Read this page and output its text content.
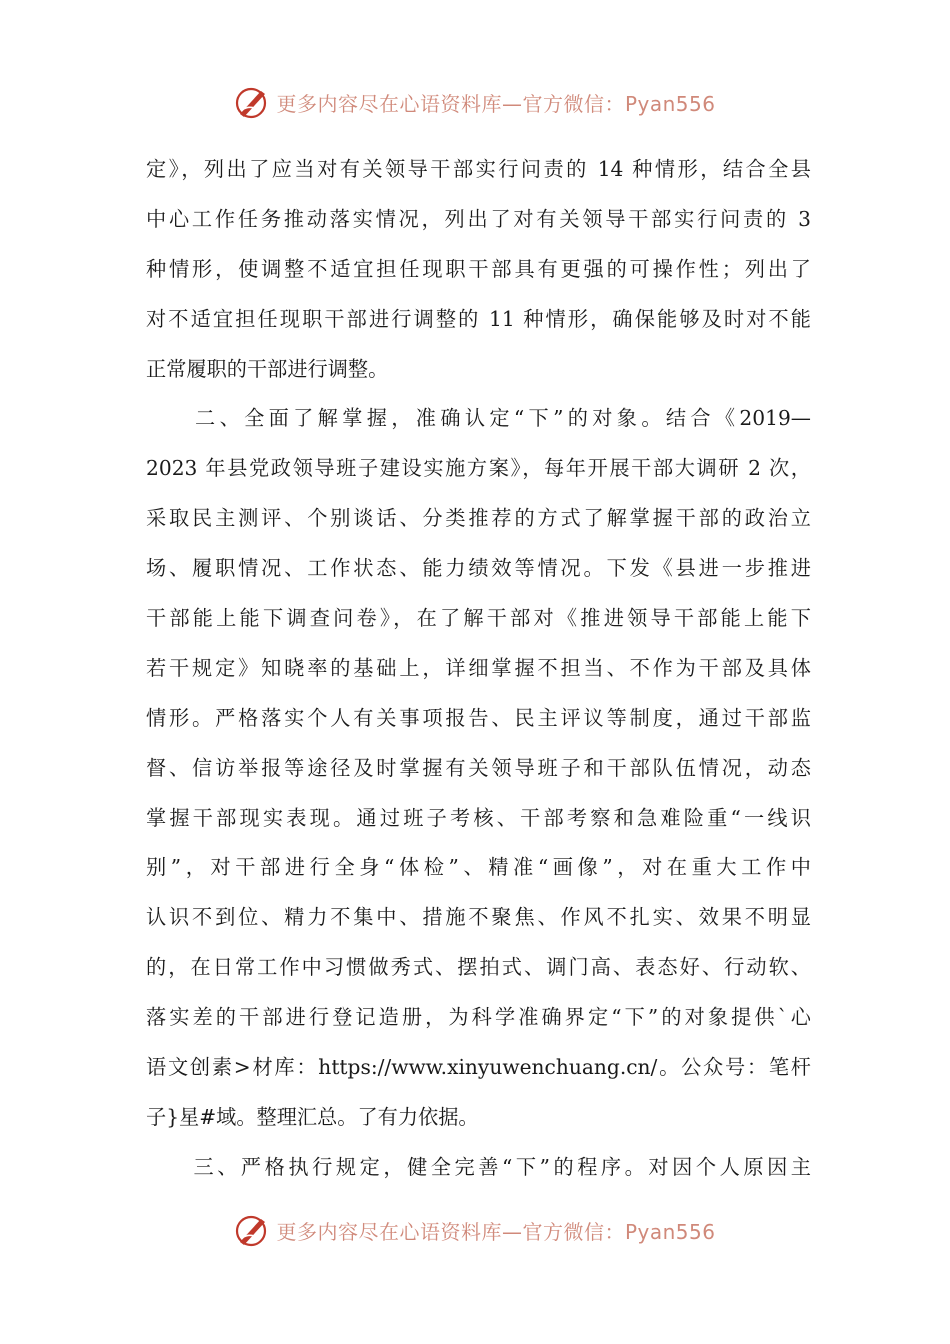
更多内容尽在心语资料库—官方微信：Pyan556
定》，列出了应当对有关领导干部实行问责的 14 种情形，结合全县
中心工作任务推动落实情况，列出了对有关领导干部实行问责的 3
种情形，使调整不适宜担任现职干部具有更强的可操作性；列出了
对不适宜担任现职干部进行调整的 11 种情形，确保能够及时对不能
正常履职的干部进行调整。
　　二、全面了解掌握，准确认定“下”的对象。结合《2019—
2023 年县党政领导班子建设实施方案》，每年开展干部大调研 2 次，
采取民主测评、个别谈话、分类推荐的方式了解掌握干部的政治立
场、履职情况、工作状态、能力绩效等情况。下发《县进一步推进
干部能上能下调查问卷》，在了解干部对《推进领导干部能上能下
若干规定》知晓率的基础上，详细掌握不担当、不作为干部及具体
情形。严格落实个人有关事项报告、民主评议等制度，通过干部监
督、信访举报等途径及时掌握有关领导班子和干部队伍情况，动态
掌握干部现实表现。通过班子考核、干部考察和急难险重“一线识
别”，对干部进行全身“体检”、精准“画像”，对在重大工作中
认识不到位、精力不集中、措施不聚焦、作风不扎实、效果不明显
的，在日常工作中习惯做秀式、摆拍式、调门高、表态好、行动软、
落实差的干部进行登记造册，为科学准确界定“下”的对象提供`心
语文创素>材库：https://www.xinyuwenchuang.cn/。公众号：笔杆
子}星#域。整理汇总。了有力依据。
　　三、严格执行规定，健全完善“下”的程序。对因个人原因主
更多内容尽在心语资料库—官方微信：Pyan556
